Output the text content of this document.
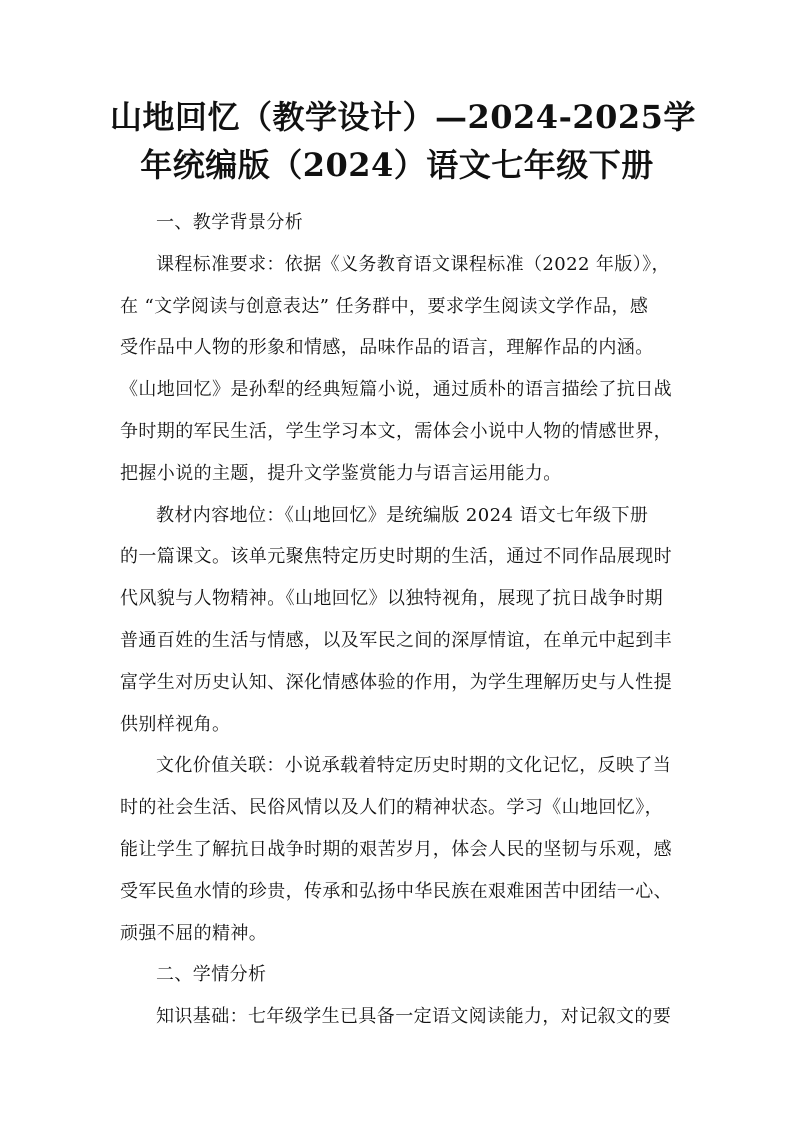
山地回忆（教学设计）—2024-2025学
年统编版（2024）语文七年级下册
一、教学背景分析
课程标准要求：依据《义务教育语文课程标准（2022 年版）》，
在 “文学阅读与创意表达” 任务群中，要求学生阅读文学作品，感
受作品中人物的形象和情感，品味作品的语言，理解作品的内涵。
《山地回忆》是孙犁的经典短篇小说，通过质朴的语言描绘了抗日战
争时期的军民生活，学生学习本文，需体会小说中人物的情感世界，
把握小说的主题，提升文学鉴赏能力与语言运用能力。
教材内容地位：《山地回忆》是统编版 2024 语文七年级下册
的一篇课文。该单元聚焦特定历史时期的生活，通过不同作品展现时
代风貌与人物精神。《山地回忆》以独特视角，展现了抗日战争时期
普通百姓的生活与情感，以及军民之间的深厚情谊，在单元中起到丰
富学生对历史认知、深化情感体验的作用，为学生理解历史与人性提
供别样视角。
文化价值关联：小说承载着特定历史时期的文化记忆，反映了当
时的社会生活、民俗风情以及人们的精神状态。学习《山地回忆》，
能让学生了解抗日战争时期的艰苦岁月，体会人民的坚韧与乐观，感
受军民鱼水情的珍贵，传承和弘扬中华民族在艰难困苦中团结一心、
顽强不屈的精神。
二、学情分析
知识基础：七年级学生已具备一定语文阅读能力，对记叙文的要
